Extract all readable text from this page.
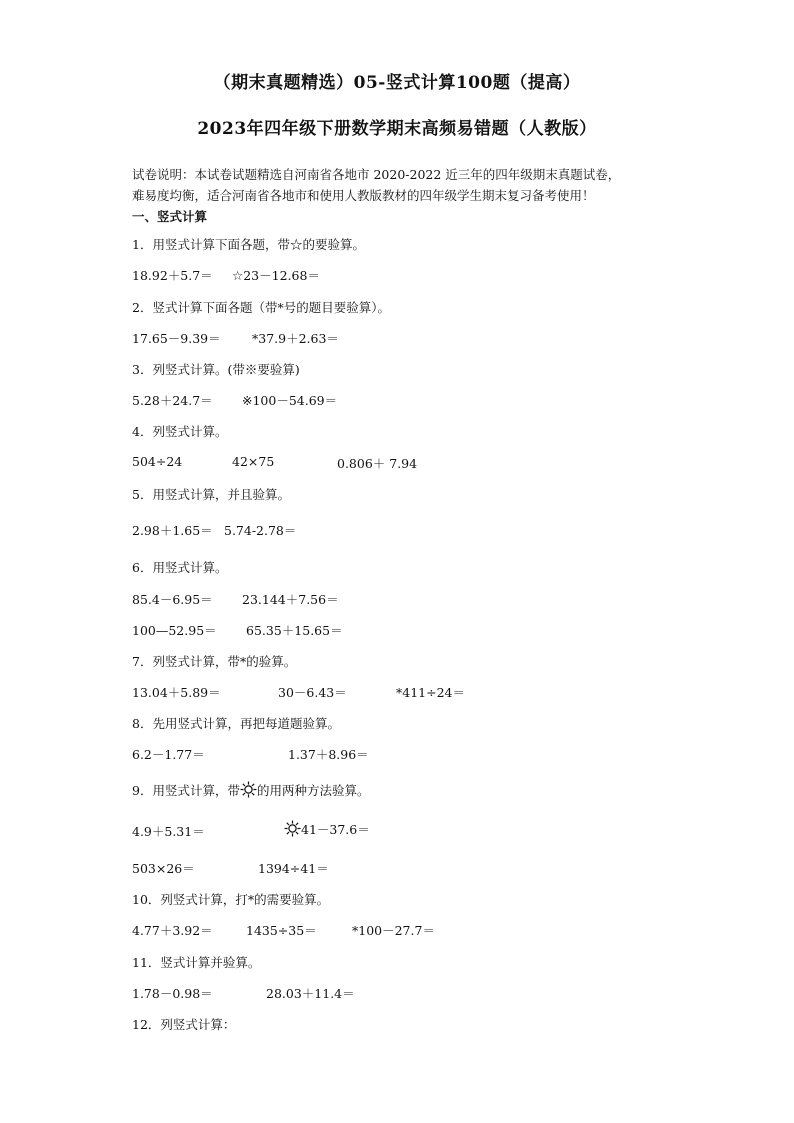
（期末真题精选）05-竖式计算100题（提高）
2023年四年级下册数学期末高频易错题（人教版）
试卷说明：本试卷试题精选自河南省各地市 2020-2022 近三年的四年级期末真题试卷，
难易度均衡，适合河南省各地市和使用人教版教材的四年级学生期末复习备考使用！
一、竖式计算
1．用竖式计算下面各题，带☆的要验算。
18.92＋5.7＝ ☆23－12.68＝
2．竖式计算下面各题（带*号的题目要验算）。
17.65－9.39＝	*37.9＋2.63＝
3．列竖式计算。(带※要验算)
5.28＋24.7＝ ※100－54.69＝
4．列竖式计算。
504÷24	42×75	0.806＋ 7.94
5．用竖式计算，并且验算。
2.98＋1.65＝ 5.74-2.78＝
6．用竖式计算。
85.4－6.95＝ 23.144＋7.56＝
100—52.95＝ 65.35＋15.65＝
7．列竖式计算，带*的验算。
13.04＋5.89＝	30－6.43＝	*411÷24＝
8．先用竖式计算，再把每道题验算。
6.2－1.77＝	1.37＋8.96＝
9．用竖式计算，带 的用两种方法验算。
4.9＋5.31＝	41－37.6＝
503×26＝	1394÷41＝
10．列竖式计算，打*的需要验算。
4.77＋3.92＝	1435÷35＝	*100－27.7＝
11．竖式计算并验算。
1.78－0.98＝	28.03＋11.4＝
12．列竖式计算：
